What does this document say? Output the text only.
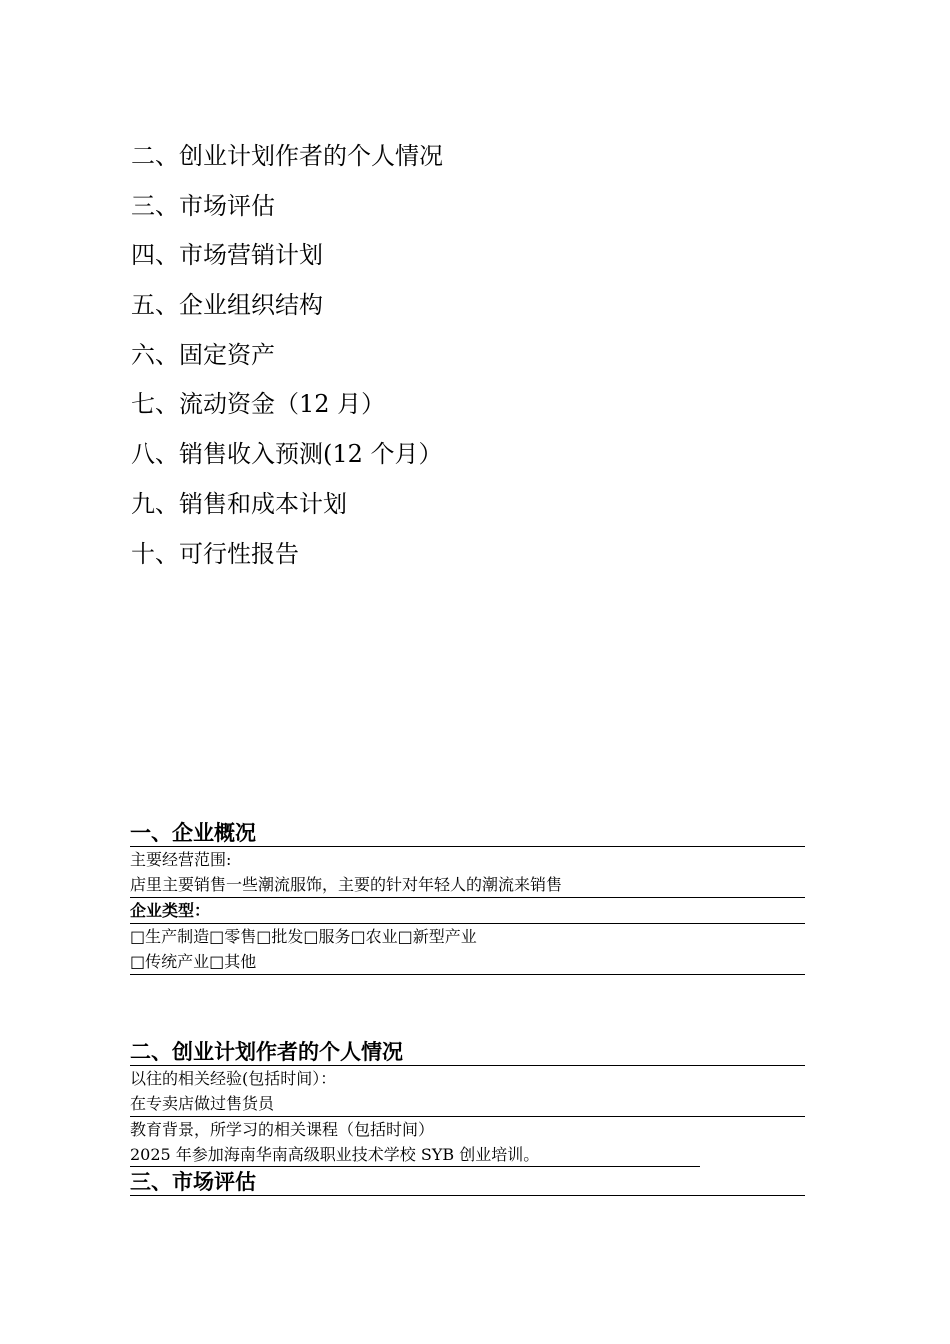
二、创业计划作者的个人情况
三、市场评估
四、市场营销计划
五、企业组织结构
六、固定资产
七、流动资金（12 月）
八、销售收入预测(12 个月）
九、销售和成本计划
十、可行性报告
一、企业概况
主要经营范围:
店里主要销售一些潮流服饰，主要的针对年轻人的潮流来销售
企业类型：
□生产制造□零售□批发□服务□农业□新型产业
□传统产业□其他
二、创业计划作者的个人情况
以往的相关经验(包括时间）：
在专卖店做过售货员
教育背景，所学习的相关课程（包括时间）
2025 年参加海南华南高级职业技术学校 SYB 创业培训。
三、市场评估
